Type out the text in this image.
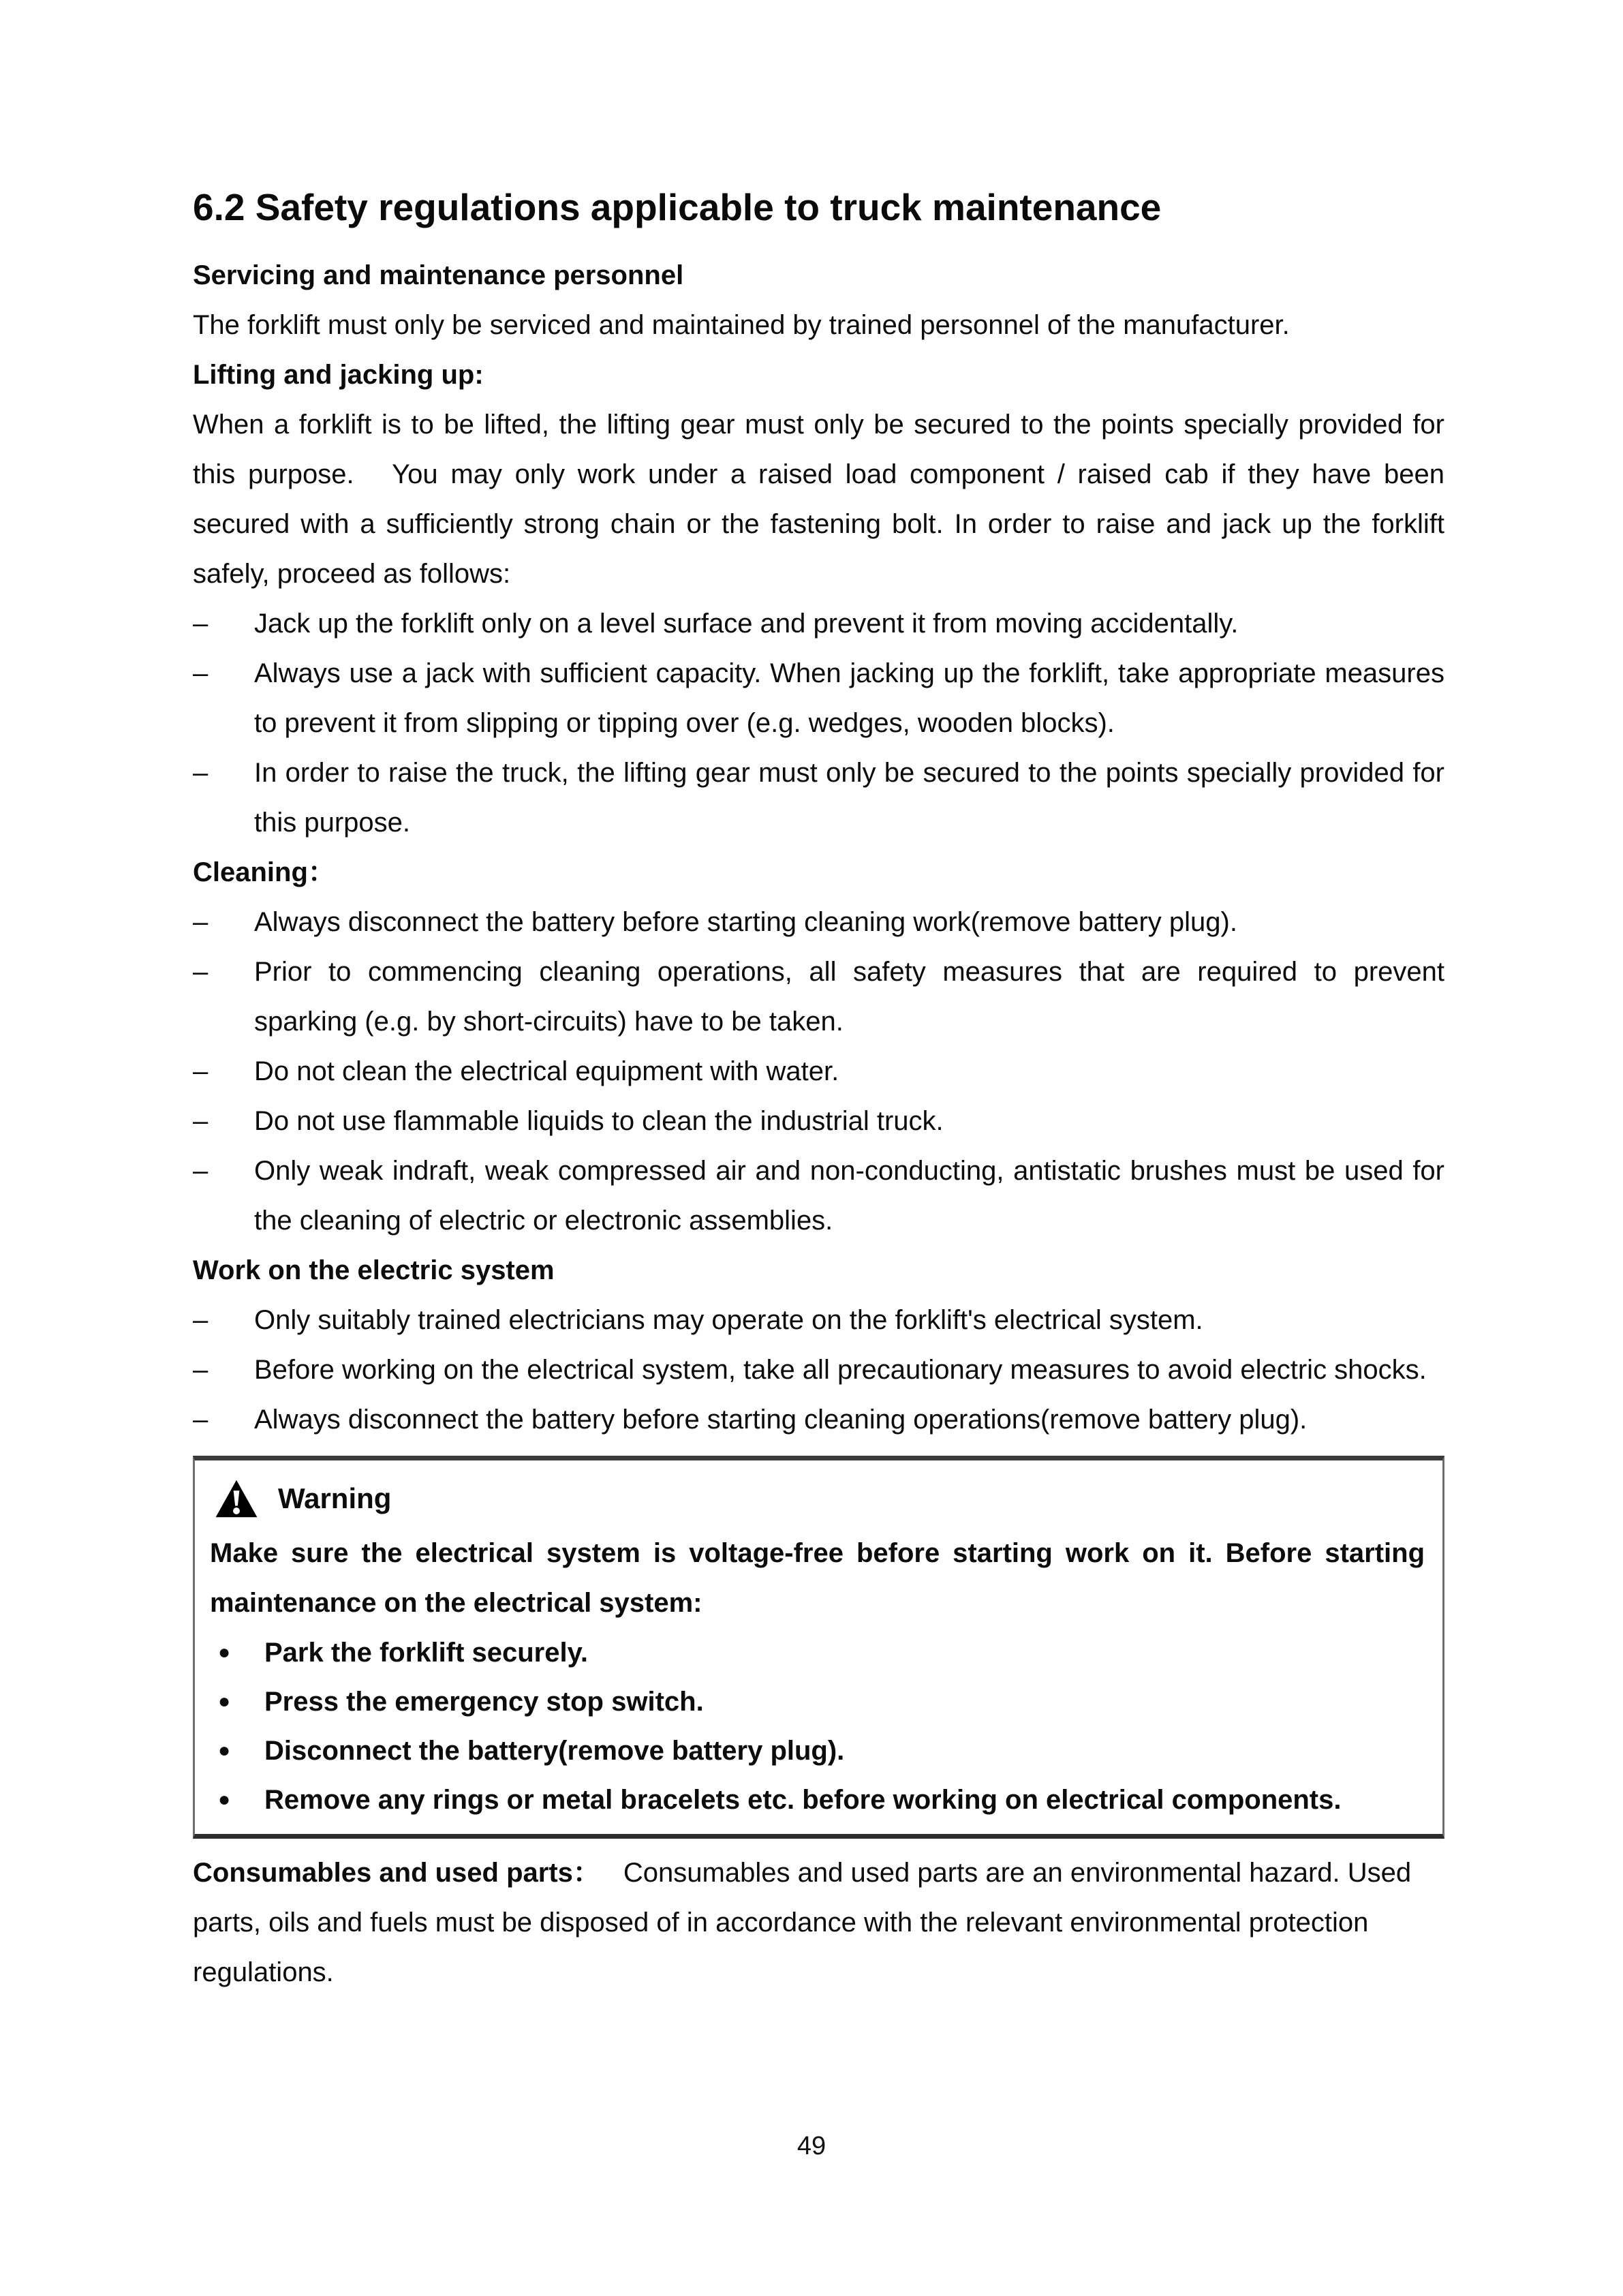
6.2 Safety regulations applicable to truck maintenance
Servicing and maintenance personnel

The forklift must only be serviced and maintained by trained personnel of the manufacturer.

Lifting and jacking up:

When a forklift is to be lifted, the lifting gear must only be secured to the points specially provided for this purpose.   You may only work under a raised load component / raised cab if they have been secured with a sufficiently strong chain or the fastening bolt. In order to raise and jack up the forklift safely, proceed as follows:

–	Jack up the forklift only on a level surface and prevent it from moving accidentally.
–	Always use a jack with sufficient capacity. When jacking up the forklift, take appropriate measures to prevent it from slipping or tipping over (e.g. wedges, wooden blocks).
–	In order to raise the truck, the lifting gear must only be secured to the points specially provided for this purpose.
Cleaning：
–	Always disconnect the battery before starting cleaning work(remove battery plug).
–	Prior to commencing cleaning operations, all safety measures that are required to prevent sparking (e.g. by short-circuits) have to be taken.
–	Do not clean the electrical equipment with water.
–	Do not use flammable liquids to clean the industrial truck.
–	Only weak indraft, weak compressed air and non-conducting, antistatic brushes must be used for the cleaning of electric or electronic assemblies.
Work on the electric system
–	Only suitably trained electricians may operate on the forklift's electrical system.
–	Before working on the electrical system, take all precautionary measures to avoid electric shocks.
–	Always disconnect the battery before starting cleaning operations(remove battery plug).
Warning

Make sure the electrical system is voltage-free before starting work on it. Before starting maintenance on the electrical system:

●	Park the forklift securely.
●	Press the emergency stop switch.
●	Disconnect the battery(remove battery plug).
●	Remove any rings or metal bracelets etc. before working on electrical components.

Consumables and used parts： Consumables and used parts are an environmental hazard. Used parts, oils and fuels must be disposed of in accordance with the relevant environmental protection regulations.

49
